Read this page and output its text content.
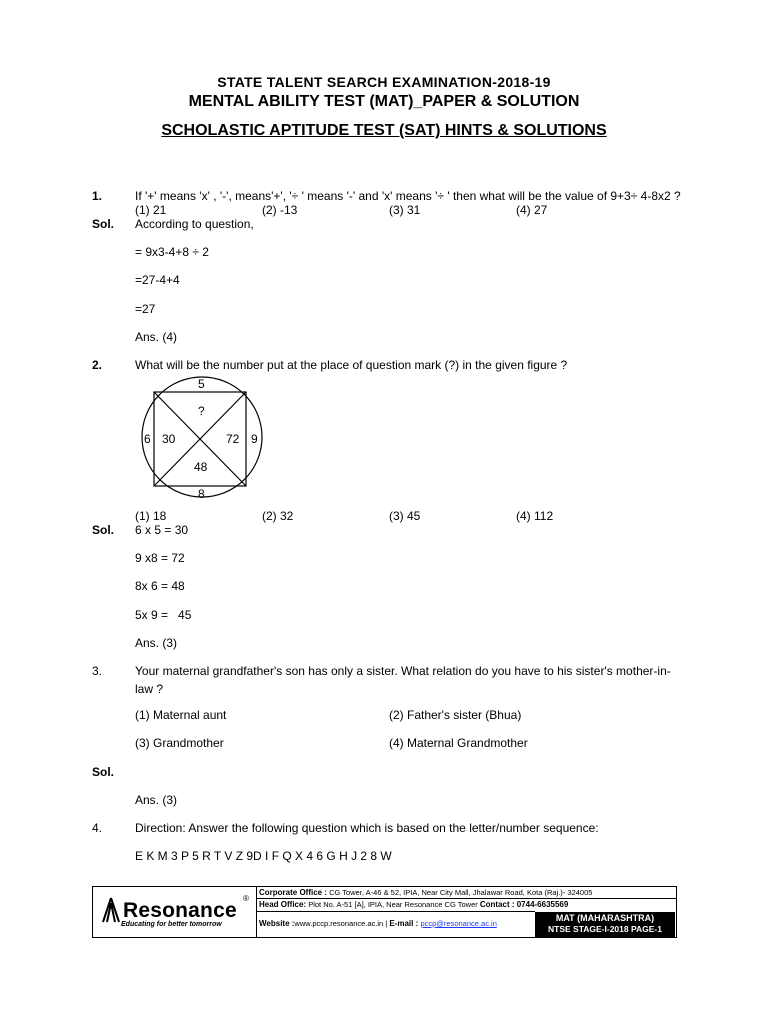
STATE TALENT SEARCH EXAMINATION-2018-19
MENTAL ABILITY TEST (MAT)_PAPER & SOLUTION
SCHOLASTIC APTITUDE TEST (SAT) HINTS & SOLUTIONS
1.	If '+' means 'x' , '-', means'+', '÷ ' means '-' and 'x' means '÷ ' then what will be the value of 9+3÷ 4-8x2 ?
(1) 21	(2) -13	(3) 31	(4) 27
Sol. According to question,
= 9x3-4+8 ÷ 2
=27-4+4
=27
Ans. (4)
2.	What will be the number put at the place of question mark (?) in the given figure ?
5
?
6 30	72 9
48
8
(1) 18	(2) 32	(3) 45	(4) 112
Sol. 6 x 5 = 30
9 x8 = 72
8x 6 = 48
5x 9 =   45
Ans. (3)
3.	Your maternal grandfather's son has only a sister. What relation do you have to his sister's mother-in-law ?
(1) Maternal aunt	(2) Father's sister (Bhua)
(3) Grandmother	(4) Maternal Grandmother
Sol.
Ans. (3)
4.	Direction: Answer the following question which is based on the letter/number sequence:
E K M 3 P 5 R T V Z 9D I F Q X 4 6 G H J 2 8 W
Resonance
®
Educating for better tomorrow
Corporate Office : CG Tower, A-46 & 52, IPIA, Near City Mall, Jhalawar Road, Kota (Raj.)- 324005
Head Office: Plot No. A-51 [A], IPIA, Near Resonance CG Tower Contact : 0744-6635569
Website :www.pccp.resonance.ac.in | E-mail : pccp@resonance.ac.in
MAT (MAHARASHTRA)
NTSE STAGE-I-2018 PAGE-1
